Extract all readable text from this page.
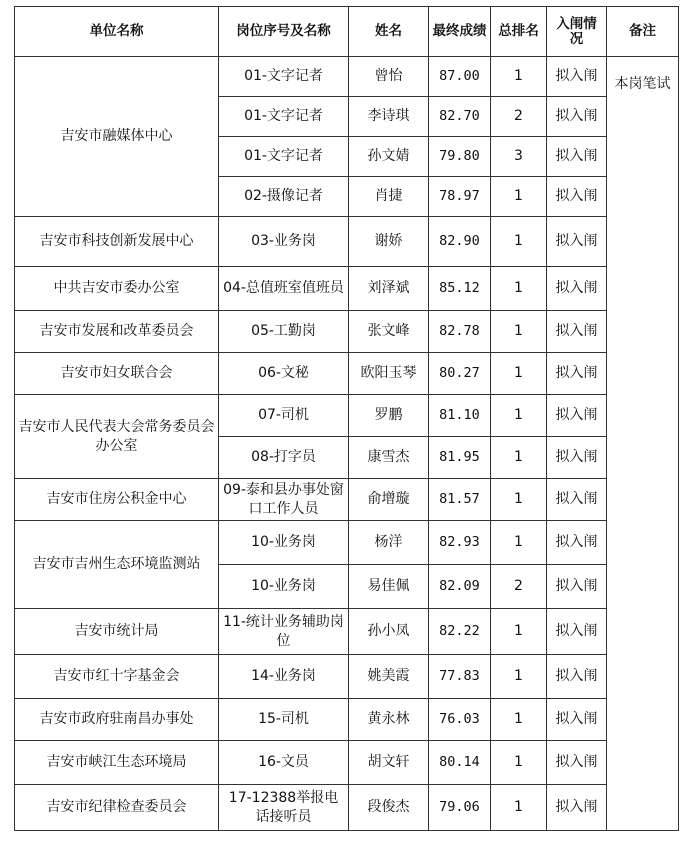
单位名称	岗位序号及名称	姓名	最终成绩	总排名	入闱情况	备注
吉安市融媒体中心	01-文字记者	曾怡	87.00	1	拟入闱	本岗笔试
	01-文字记者	李诗琪	82.70	2	拟入闱	
	01-文字记者	孙文婧	79.80	3	拟入闱	
	02-摄像记者	肖捷	78.97	1	拟入闱	
吉安市科技创新发展中心	03-业务岗	谢娇	82.90	1	拟入闱	
中共吉安市委办公室	04-总值班室值班员	刘泽斌	85.12	1	拟入闱	
吉安市发展和改革委员会	05-工勤岗	张文峰	82.78	1	拟入闱	
吉安市妇女联合会	06-文秘	欧阳玉琴	80.27	1	拟入闱	
吉安市人民代表大会常务委员会办公室	07-司机	罗鹏	81.10	1	拟入闱	
	08-打字员	康雪杰	81.95	1	拟入闱	
吉安市住房公积金中心	09-泰和县办事处窗口工作人员	俞增璇	81.57	1	拟入闱	
吉安市吉州生态环境监测站	10-业务岗	杨洋	82.93	1	拟入闱	
	10-业务岗	易佳佩	82.09	2	拟入闱	
吉安市统计局	11-统计业务辅助岗位	孙小凤	82.22	1	拟入闱	
吉安市红十字基金会	14-业务岗	姚美霞	77.83	1	拟入闱	
吉安市政府驻南昌办事处	15-司机	黄永林	76.03	1	拟入闱	
吉安市峡江生态环境局	16-文员	胡文轩	80.14	1	拟入闱	
吉安市纪律检查委员会	17-12388举报电话接听员	段俊杰	79.06	1	拟入闱	
